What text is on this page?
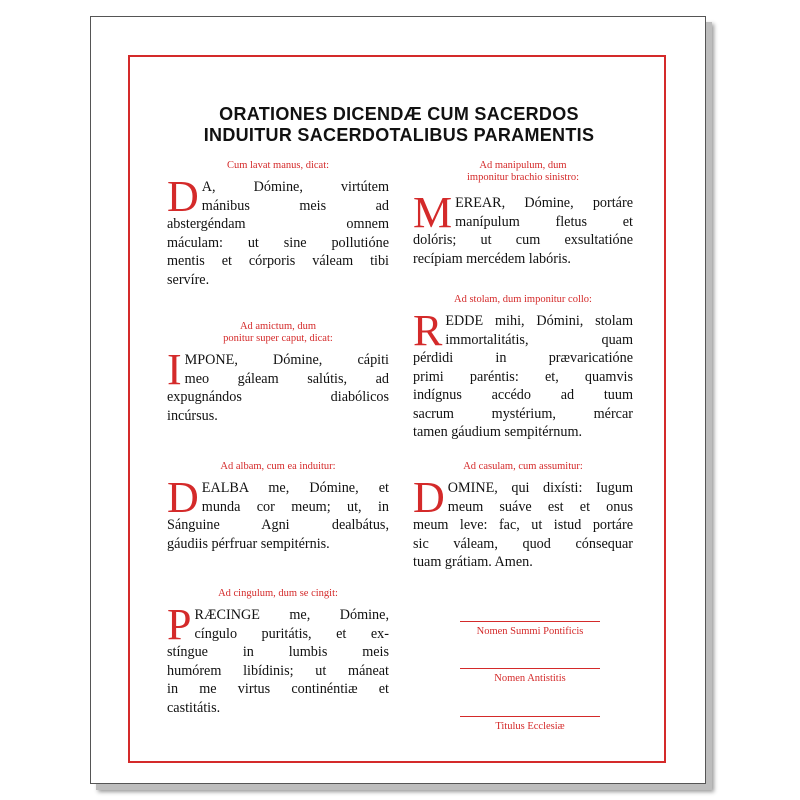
ORATIONES DICENDÆ CUM SACERDOS
INDUITUR SACERDOTALIBUS PARAMENTIS

Cum lavat manus, dicat:

D A, Dómine, virtútem
mánibus meis ad
abstergéndam omnem
máculam: ut sine pollutióne
mentis et córporis váleam tibi
servíre.

Ad amictum, dum
ponitur super caput, dicat:

I MPONE, Dómine, cápiti
meo gáleam salútis, ad
expugnándos diabólicos
incúrsus.

Ad albam, cum ea induitur:

D EALBA me, Dómine, et
munda cor meum; ut, in
Sánguine Agni dealbátus,
gáudiis pérfruar sempitérnis.

Ad cingulum, dum se cingit:

P RÆCINGE me, Dómine,
cíngulo puritátis, et ex-
stíngue in lumbis meis
humórem libídinis; ut máneat
in me virtus continéntiæ et
castitátis.

Ad manipulum, dum
imponitur brachio sinistro:

M EREAR, Dómine, portáre
manípulum fletus et
dolóris; ut cum exsultatióne
recípiam mercédem labóris.

Ad stolam, dum imponitur collo:

R EDDE mihi, Dómini, stolam
immortalitátis, quam
pérdidi in prævaricatióne
primi paréntis: et, quamvis
indígnus accédo ad tuum
sacrum mystérium, mércar
tamen gáudium sempitérnum.

Ad casulam, cum assumitur:

D OMINE, qui dixísti: Iugum
meum suáve est et onus
meum leve: fac, ut istud portáre
sic váleam, quod cónsequar
tuam grátiam. Amen.

Nomen Summi Pontificis
Nomen Antistitis
Titulus Ecclesiæ
